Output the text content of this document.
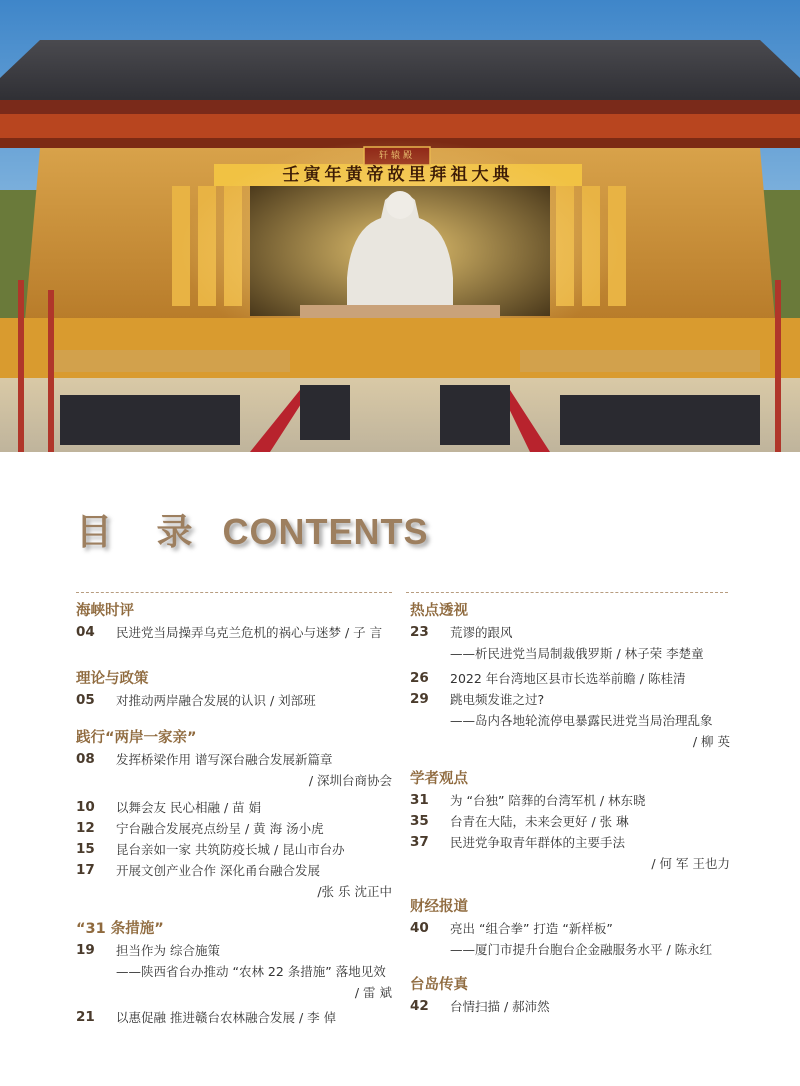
轩辕殿
壬寅年黄帝故里拜祖大典
目 录 CONTENTS
海峡时评
04	民进党当局操弄乌克兰危机的祸心与迷梦 / 子 言
理论与政策
05	对推动两岸融合发展的认识 / 刘部班
践行“两岸一家亲”
08	发挥桥梁作用 谱写深台融合发展新篇章
/ 深圳台商协会
10	以舞会友 民心相融 / 苗 娟
12	宁台融合发展亮点纷呈 / 黄 海 汤小虎
15	昆台亲如一家 共筑防疫长城 / 昆山市台办
17	开展文创产业合作 深化甬台融合发展
/张 乐 沈正中
“31 条措施”
19	担当作为 综合施策
——陕西省台办推动 “农林 22 条措施” 落地见效
/ 雷 斌
21	以惠促融 推进赣台农林融合发展 / 李 倬
热点透视
23	荒谬的跟风
——析民进党当局制裁俄罗斯 / 林子荣 李楚童
26	2022 年台湾地区县市长选举前瞻 / 陈桂清
29	跳电频发谁之过?
——岛内各地轮流停电暴露民进党当局治理乱象
/ 柳 英
学者观点
31	为 “台独” 陪葬的台湾军机 / 林东晓
35	台青在大陆，未来会更好 / 张 琳
37	民进党争取青年群体的主要手法
/ 何 军 王也力
财经报道
40	亮出 “组合拳” 打造 “新样板”
——厦门市提升台胞台企金融服务水平 / 陈永红
台岛传真
42	台情扫描 / 郝沛然
